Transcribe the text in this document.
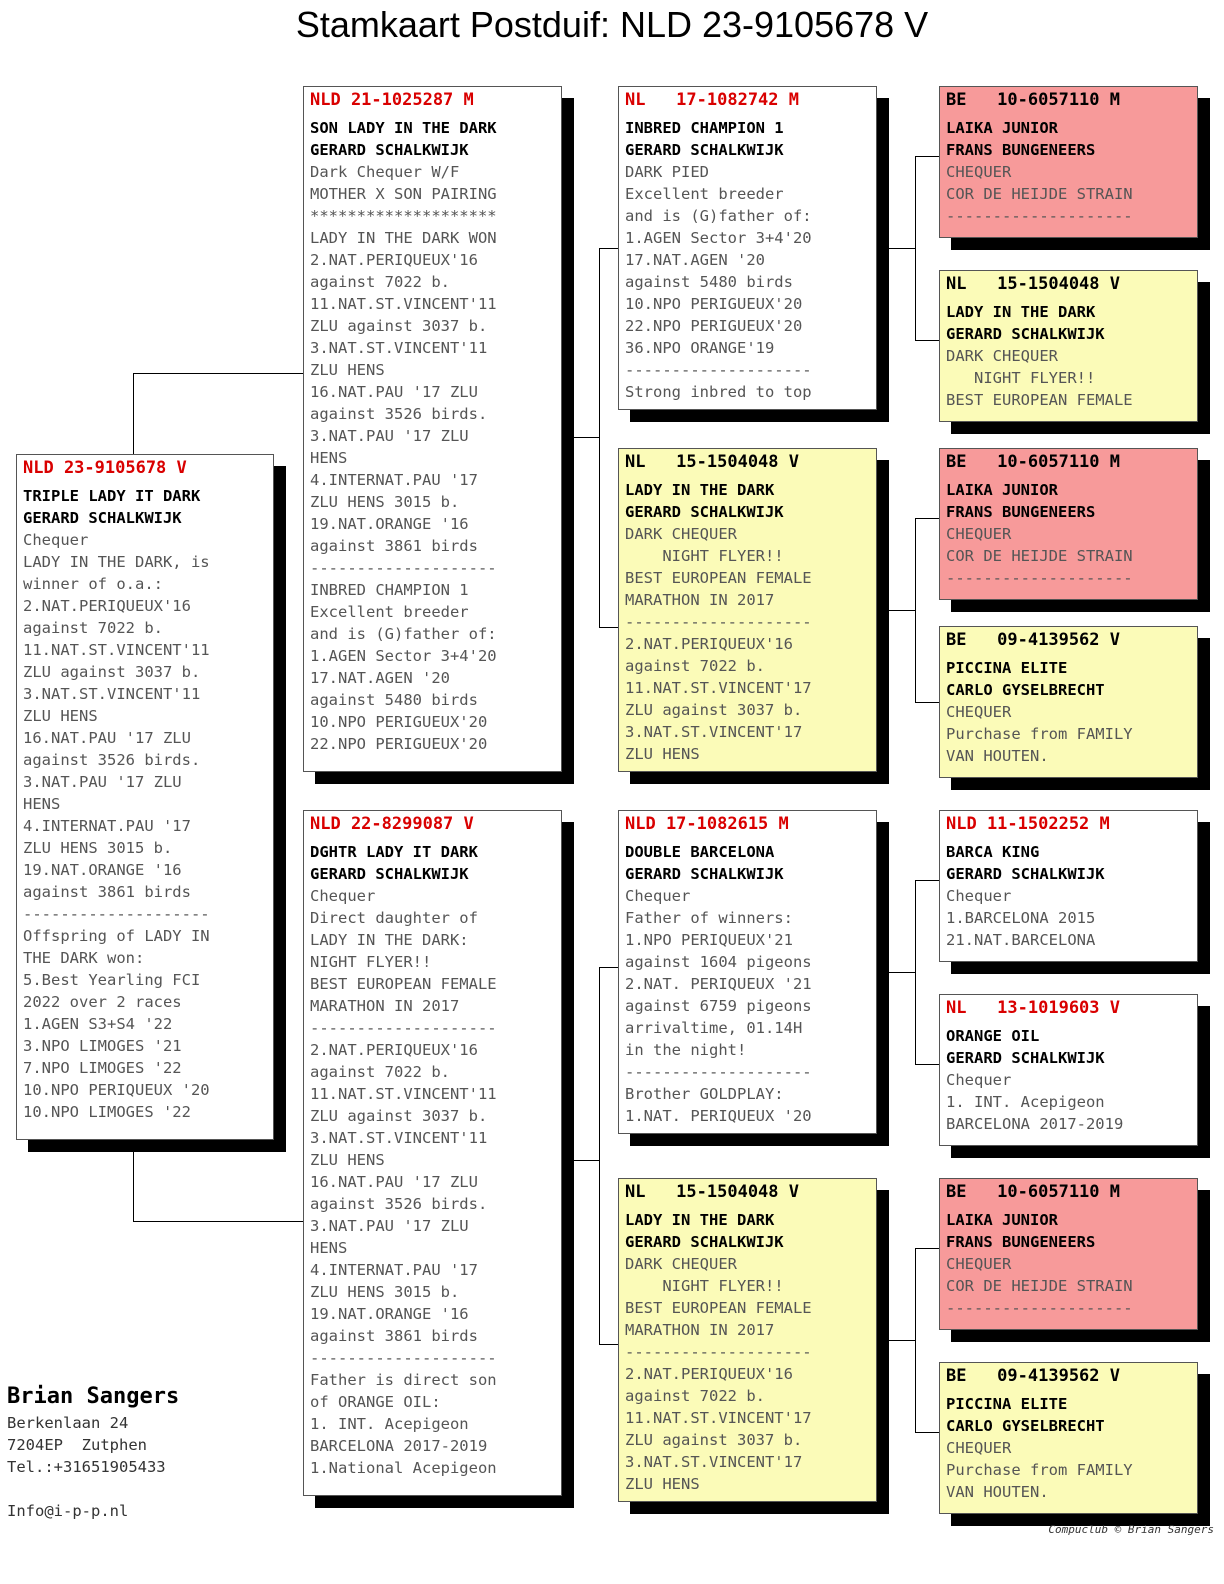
Stamkaart Postduif: NLD 23-9105678 V
NLD 23-9105678 V
TRIPLE LADY IT DARK
GERARD SCHALKWIJK
Chequer
LADY IN THE DARK, is
winner of o.a.:
2.NAT.PERIQUEUX'16
against 7022 b.
11.NAT.ST.VINCENT'11
ZLU against 3037 b.
3.NAT.ST.VINCENT'11
ZLU HENS
16.NAT.PAU '17 ZLU
against 3526 birds.
3.NAT.PAU '17 ZLU
HENS
4.INTERNAT.PAU '17
ZLU HENS 3015 b.
19.NAT.ORANGE '16
against 3861 birds
--------------------
Offspring of LADY IN
THE DARK won:
5.Best Yearling FCI
2022 over 2 races
1.AGEN S3+S4 '22
3.NPO LIMOGES '21
7.NPO LIMOGES '22
10.NPO PERIQUEUX '20
10.NPO LIMOGES '22
NLD 21-1025287 M
SON LADY IN THE DARK
GERARD SCHALKWIJK
Dark Chequer W/F
MOTHER X SON PAIRING
********************
LADY IN THE DARK WON
2.NAT.PERIQUEUX'16
against 7022 b.
11.NAT.ST.VINCENT'11
ZLU against 3037 b.
3.NAT.ST.VINCENT'11
ZLU HENS
16.NAT.PAU '17 ZLU
against 3526 birds.
3.NAT.PAU '17 ZLU
HENS
4.INTERNAT.PAU '17
ZLU HENS 3015 b.
19.NAT.ORANGE '16
against 3861 birds
--------------------
INBRED CHAMPION 1
Excellent breeder
and is (G)father of:
1.AGEN Sector 3+4'20
17.NAT.AGEN '20
against 5480 birds
10.NPO PERIGUEUX'20
22.NPO PERIGUEUX'20
NLD 22-8299087 V
DGHTR LADY IT DARK
GERARD SCHALKWIJK
Chequer
Direct daughter of
LADY IN THE DARK:
NIGHT FLYER!!
BEST EUROPEAN FEMALE
MARATHON IN 2017
--------------------
2.NAT.PERIQUEUX'16
against 7022 b.
11.NAT.ST.VINCENT'11
ZLU against 3037 b.
3.NAT.ST.VINCENT'11
ZLU HENS
16.NAT.PAU '17 ZLU
against 3526 birds.
3.NAT.PAU '17 ZLU
HENS
4.INTERNAT.PAU '17
ZLU HENS 3015 b.
19.NAT.ORANGE '16
against 3861 birds
--------------------
Father is direct son
of ORANGE OIL:
1. INT. Acepigeon
BARCELONA 2017-2019
1.National Acepigeon
NL   17-1082742 M
INBRED CHAMPION 1
GERARD SCHALKWIJK
DARK PIED
Excellent breeder
and is (G)father of:
1.AGEN Sector 3+4'20
17.NAT.AGEN '20
against 5480 birds
10.NPO PERIGUEUX'20
22.NPO PERIGUEUX'20
36.NPO ORANGE'19
--------------------
Strong inbred to top
NL   15-1504048 V
LADY IN THE DARK
GERARD SCHALKWIJK
DARK CHEQUER
NIGHT FLYER!!
BEST EUROPEAN FEMALE
MARATHON IN 2017
--------------------
2.NAT.PERIQUEUX'16
against 7022 b.
11.NAT.ST.VINCENT'17
ZLU against 3037 b.
3.NAT.ST.VINCENT'17
ZLU HENS
NLD 17-1082615 M
DOUBLE BARCELONA
GERARD SCHALKWIJK
Chequer
Father of winners:
1.NPO PERIQUEUX'21
against 1604 pigeons
2.NAT. PERIQUEUX '21
against 6759 pigeons
arrivaltime, 01.14H
in the night!
--------------------
Brother GOLDPLAY:
1.NAT. PERIQUEUX '20
NL   15-1504048 V
LADY IN THE DARK
GERARD SCHALKWIJK
DARK CHEQUER
NIGHT FLYER!!
BEST EUROPEAN FEMALE
MARATHON IN 2017
--------------------
2.NAT.PERIQUEUX'16
against 7022 b.
11.NAT.ST.VINCENT'17
ZLU against 3037 b.
3.NAT.ST.VINCENT'17
ZLU HENS
BE   10-6057110 M
LAIKA JUNIOR
FRANS BUNGENEERS
CHEQUER
COR DE HEIJDE STRAIN
--------------------
NL   15-1504048 V
LADY IN THE DARK
GERARD SCHALKWIJK
DARK CHEQUER
NIGHT FLYER!!
BEST EUROPEAN FEMALE
BE   10-6057110 M
LAIKA JUNIOR
FRANS BUNGENEERS
CHEQUER
COR DE HEIJDE STRAIN
--------------------
BE   09-4139562 V
PICCINA ELITE
CARLO GYSELBRECHT
CHEQUER
Purchase from FAMILY
VAN HOUTEN.
NLD 11-1502252 M
BARCA KING
GERARD SCHALKWIJK
Chequer
1.BARCELONA 2015
21.NAT.BARCELONA
NL   13-1019603 V
ORANGE OIL
GERARD SCHALKWIJK
Chequer
1. INT. Acepigeon
BARCELONA 2017-2019
BE   10-6057110 M
LAIKA JUNIOR
FRANS BUNGENEERS
CHEQUER
COR DE HEIJDE STRAIN
--------------------
BE   09-4139562 V
PICCINA ELITE
CARLO GYSELBRECHT
CHEQUER
Purchase from FAMILY
VAN HOUTEN.
Brian Sangers
Berkenlaan 24
7204EP  Zutphen
Tel.:+31651905433
Info@i-p-p.nl
Compuclub © Brian Sangers
